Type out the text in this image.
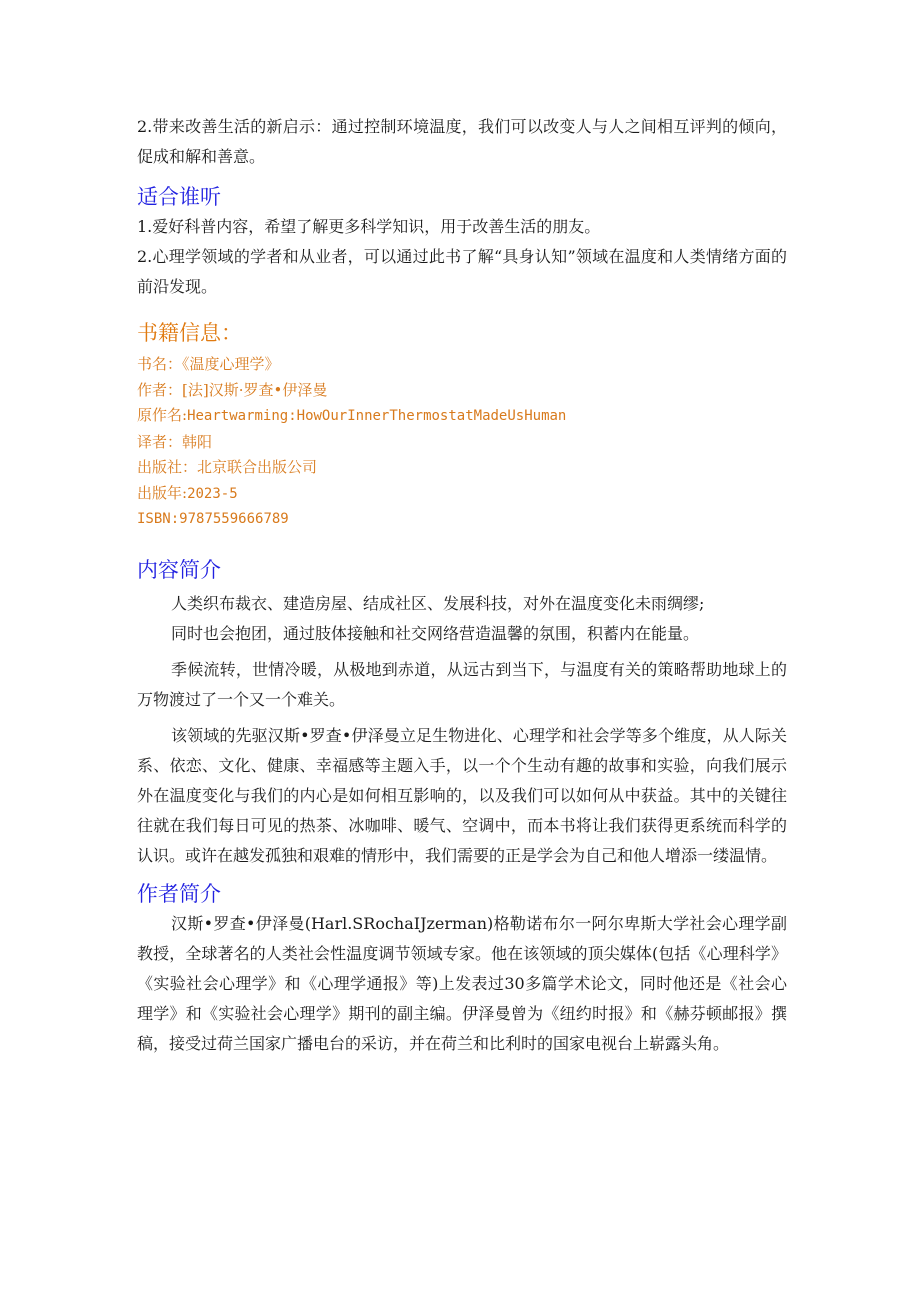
2.带来改善生活的新启示：通过控制环境温度，我们可以改变人与人之间相互评判的倾向，促成和解和善意。

适合谁听

1.爱好科普内容，希望了解更多科学知识，用于改善生活的朋友。

2.心理学领域的学者和从业者，可以通过此书了解“具身认知”领域在温度和人类情绪方面的前沿发现。

书籍信息：
书名：《温度心理学》
作者：[法]汉斯·罗查•伊泽曼
原作名:Heartwarming:HowOurInnerThermostatMadeUsHuman
译者：韩阳
出版社：北京联合出版公司
出版年:2023-5
ISBN:9787559666789
内容简介

人类织布裁衣、建造房屋、结成社区、发展科技，对外在温度变化未雨绸缪;

同时也会抱团，通过肢体接触和社交网络营造温馨的氛围，积蓄内在能量。

季候流转，世情冷暖，从极地到赤道，从远古到当下，与温度有关的策略帮助地球上的万物渡过了一个又一个难关。

该领域的先驱汉斯•罗查•伊泽曼立足生物进化、心理学和社会学等多个维度，从人际关系、依恋、文化、健康、幸福感等主题入手，以一个个生动有趣的故事和实验，向我们展示外在温度变化与我们的内心是如何相互影响的，以及我们可以如何从中获益。其中的关键往往就在我们每日可见的热茶、冰咖啡、暖气、空调中，而本书将让我们获得更系统而科学的认识。或许在越发孤独和艰难的情形中，我们需要的正是学会为自己和他人增添一缕温情。

作者简介

汉斯•罗查•伊泽曼(Harl.SRochaIJzerman)格勒诺布尔一阿尔卑斯大学社会心理学副教授，全球著名的人类社会性温度调节领域专家。他在该领域的顶尖媒体(包括《心理科学》《实验社会心理学》和《心理学通报》等)上发表过30多篇学术论文，同时他还是《社会心理学》和《实验社会心理学》期刊的副主编。伊泽曼曾为《纽约时报》和《赫芬顿邮报》撰稿，接受过荷兰国家广播电台的采访，并在荷兰和比利时的国家电视台上崭露头角。
